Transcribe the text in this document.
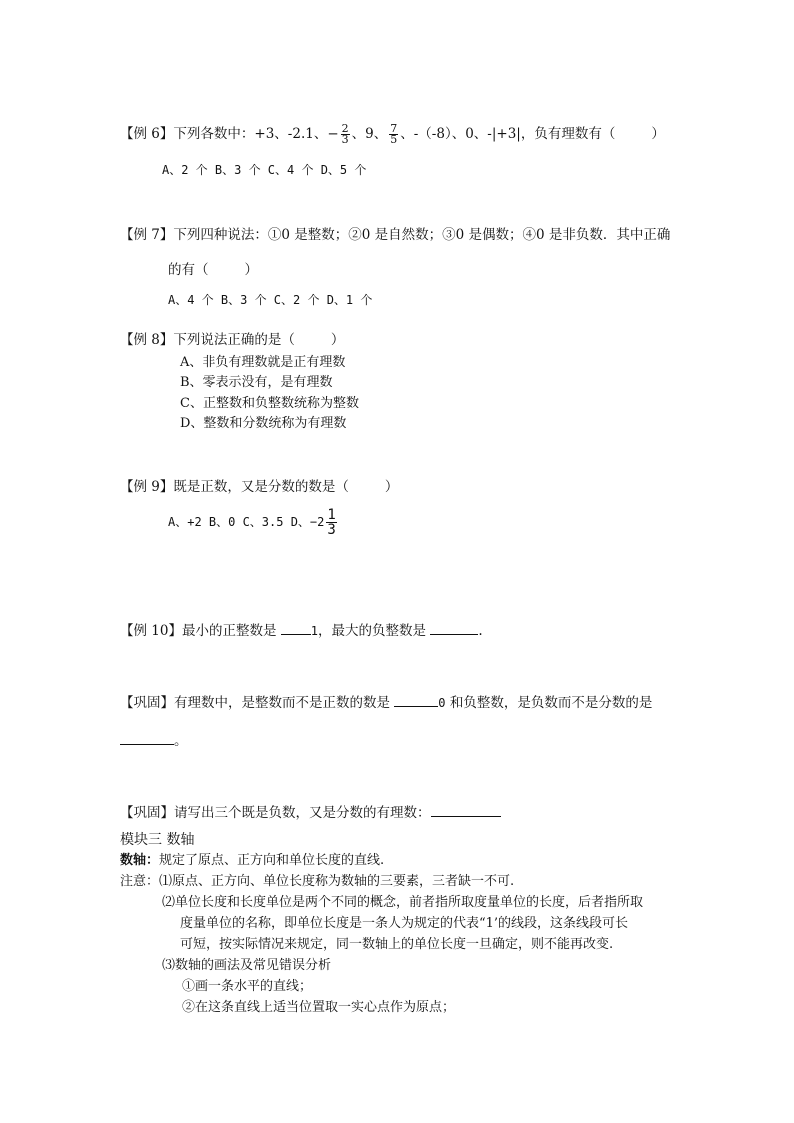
【例 6】下列各数中：+3、-2.1、− $\frac{2}{3}$ 、9、 $\frac{7}{5}$ 、-（-8）、0、-|+3|，负有理数有（	）
A、2 个 B、3 个 C、4 个 D、5 个
【例 7】下列四种说法：①0 是整数；②0 是自然数；③0 是偶数；④0 是非负数．其中正确
的有（	）
A、4 个 B、3 个 C、2 个 D、1 个
【例 8】下列说法正确的是（	）
A、非负有理数就是正有理数
B、零表示没有，是有理数
C、正整数和负整数统称为整数
D、整数和分数统称为有理数
【例 9】既是正数，又是分数的数是（	）
A、+2 B、0 C、3.5 D、$-2 \frac{1}{3}$
【例 10】最小的正整数是	1，最大的负整数是	.
【巩固】有理数中，是整数而不是正数的数是	0 和负整数，是负数而不是分数的是
。
【巩固】请写出三个既是负数，又是分数的有理数：
模块三 数轴
数轴：规定了原点、正方向和单位长度的直线.
注意：⑴原点、正方向、单位长度称为数轴的三要素，三者缺一不可.
⑵单位长度和长度单位是两个不同的概念，前者指所取度量单位的长度，后者指所取
度量单位的名称，即单位长度是一条人为规定的代表“1’的线段，这条线段可长
可短，按实际情况来规定，同一数轴上的单位长度一旦确定，则不能再改变.
⑶数轴的画法及常见错误分析
①画一条水平的直线；
②在这条直线上适当位置取一实心点作为原点；
